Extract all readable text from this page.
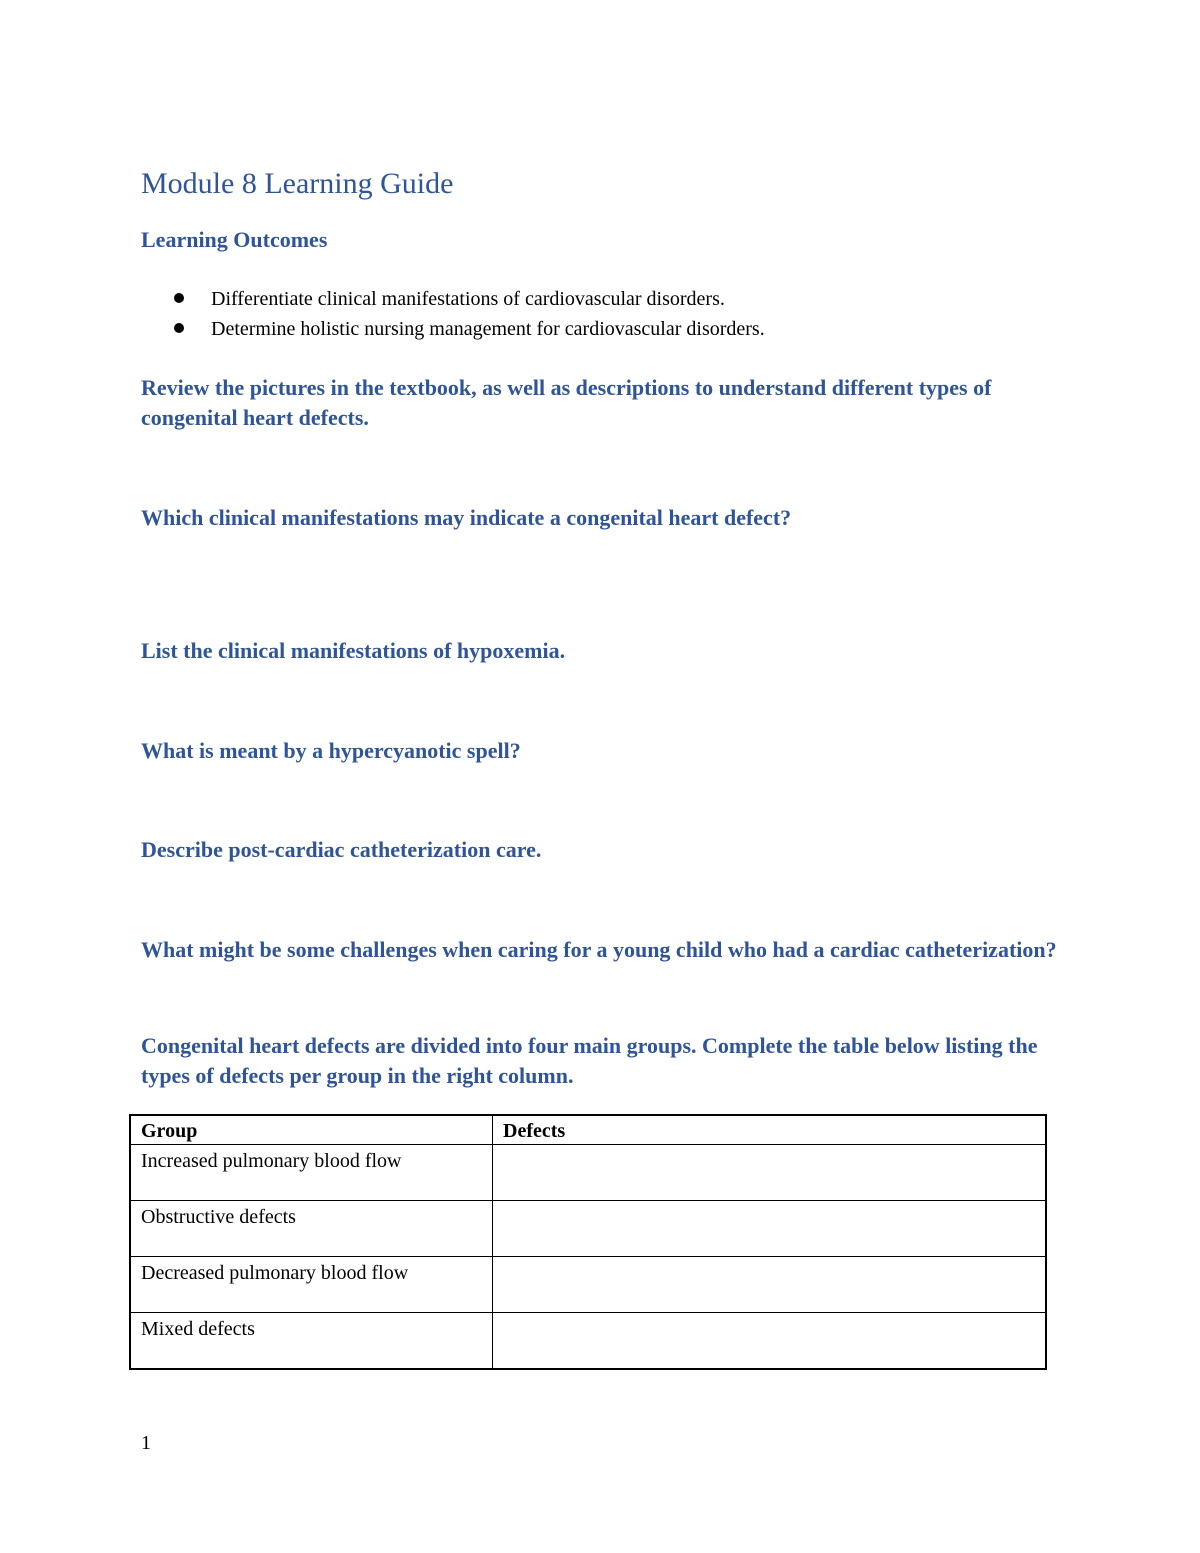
Module 8 Learning Guide
Learning Outcomes
Differentiate clinical manifestations of cardiovascular disorders.
Determine holistic nursing management for cardiovascular disorders.

Review the pictures in the textbook, as well as descriptions to understand different types of congenital heart defects.

Which clinical manifestations may indicate a congenital heart defect?

List the clinical manifestations of hypoxemia.

What is meant by a hypercyanotic spell?

Describe post-cardiac catheterization care.

What might be some challenges when caring for a young child who had a cardiac catheterization?

Congenital heart defects are divided into four main groups. Complete the table below listing the types of defects per group in the right column.

Group	Defects
Increased pulmonary blood flow	
Obstructive defects	
Decreased pulmonary blood flow	
Mixed defects	
1
